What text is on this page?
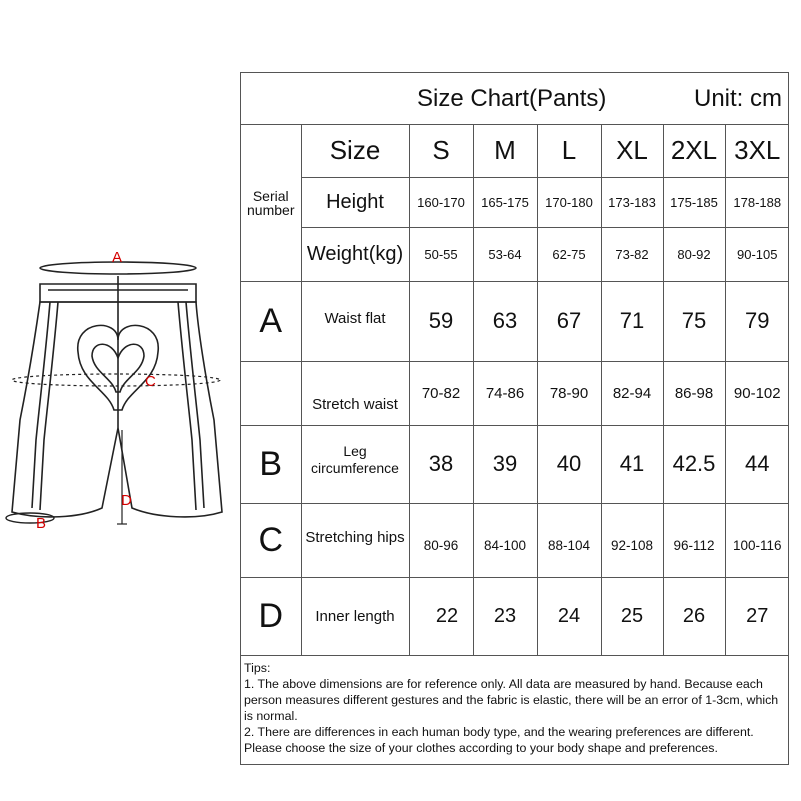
A
C
D
B
Size Chart(Pants)	Unit: cm
Serial number	Size	S	M	L	XL	2XL	3XL
	Height	160-170	165-175	170-180	173-183	175-185	178-188
	Weight(kg)	50-55	53-64	62-75	73-82	80-92	90-105
A	Waist flat	59	63	67	71	75	79
	Stretch waist	70-82	74-86	78-90	82-94	86-98	90-102
B	Leg circumference	38	39	40	41	42.5	44
C	Stretching hips	80-96	84-100	88-104	92-108	96-112	100-116
D	Inner length	22	23	24	25	26	27
Tips:
1. The above dimensions are for reference only. All data are measured by hand. Because each person measures different gestures and the fabric is elastic, there will be an error of 1-3cm, which is normal.
2. There are differences in each human body type, and the wearing preferences are different. Please choose the size of your clothes according to your body shape and preferences.
